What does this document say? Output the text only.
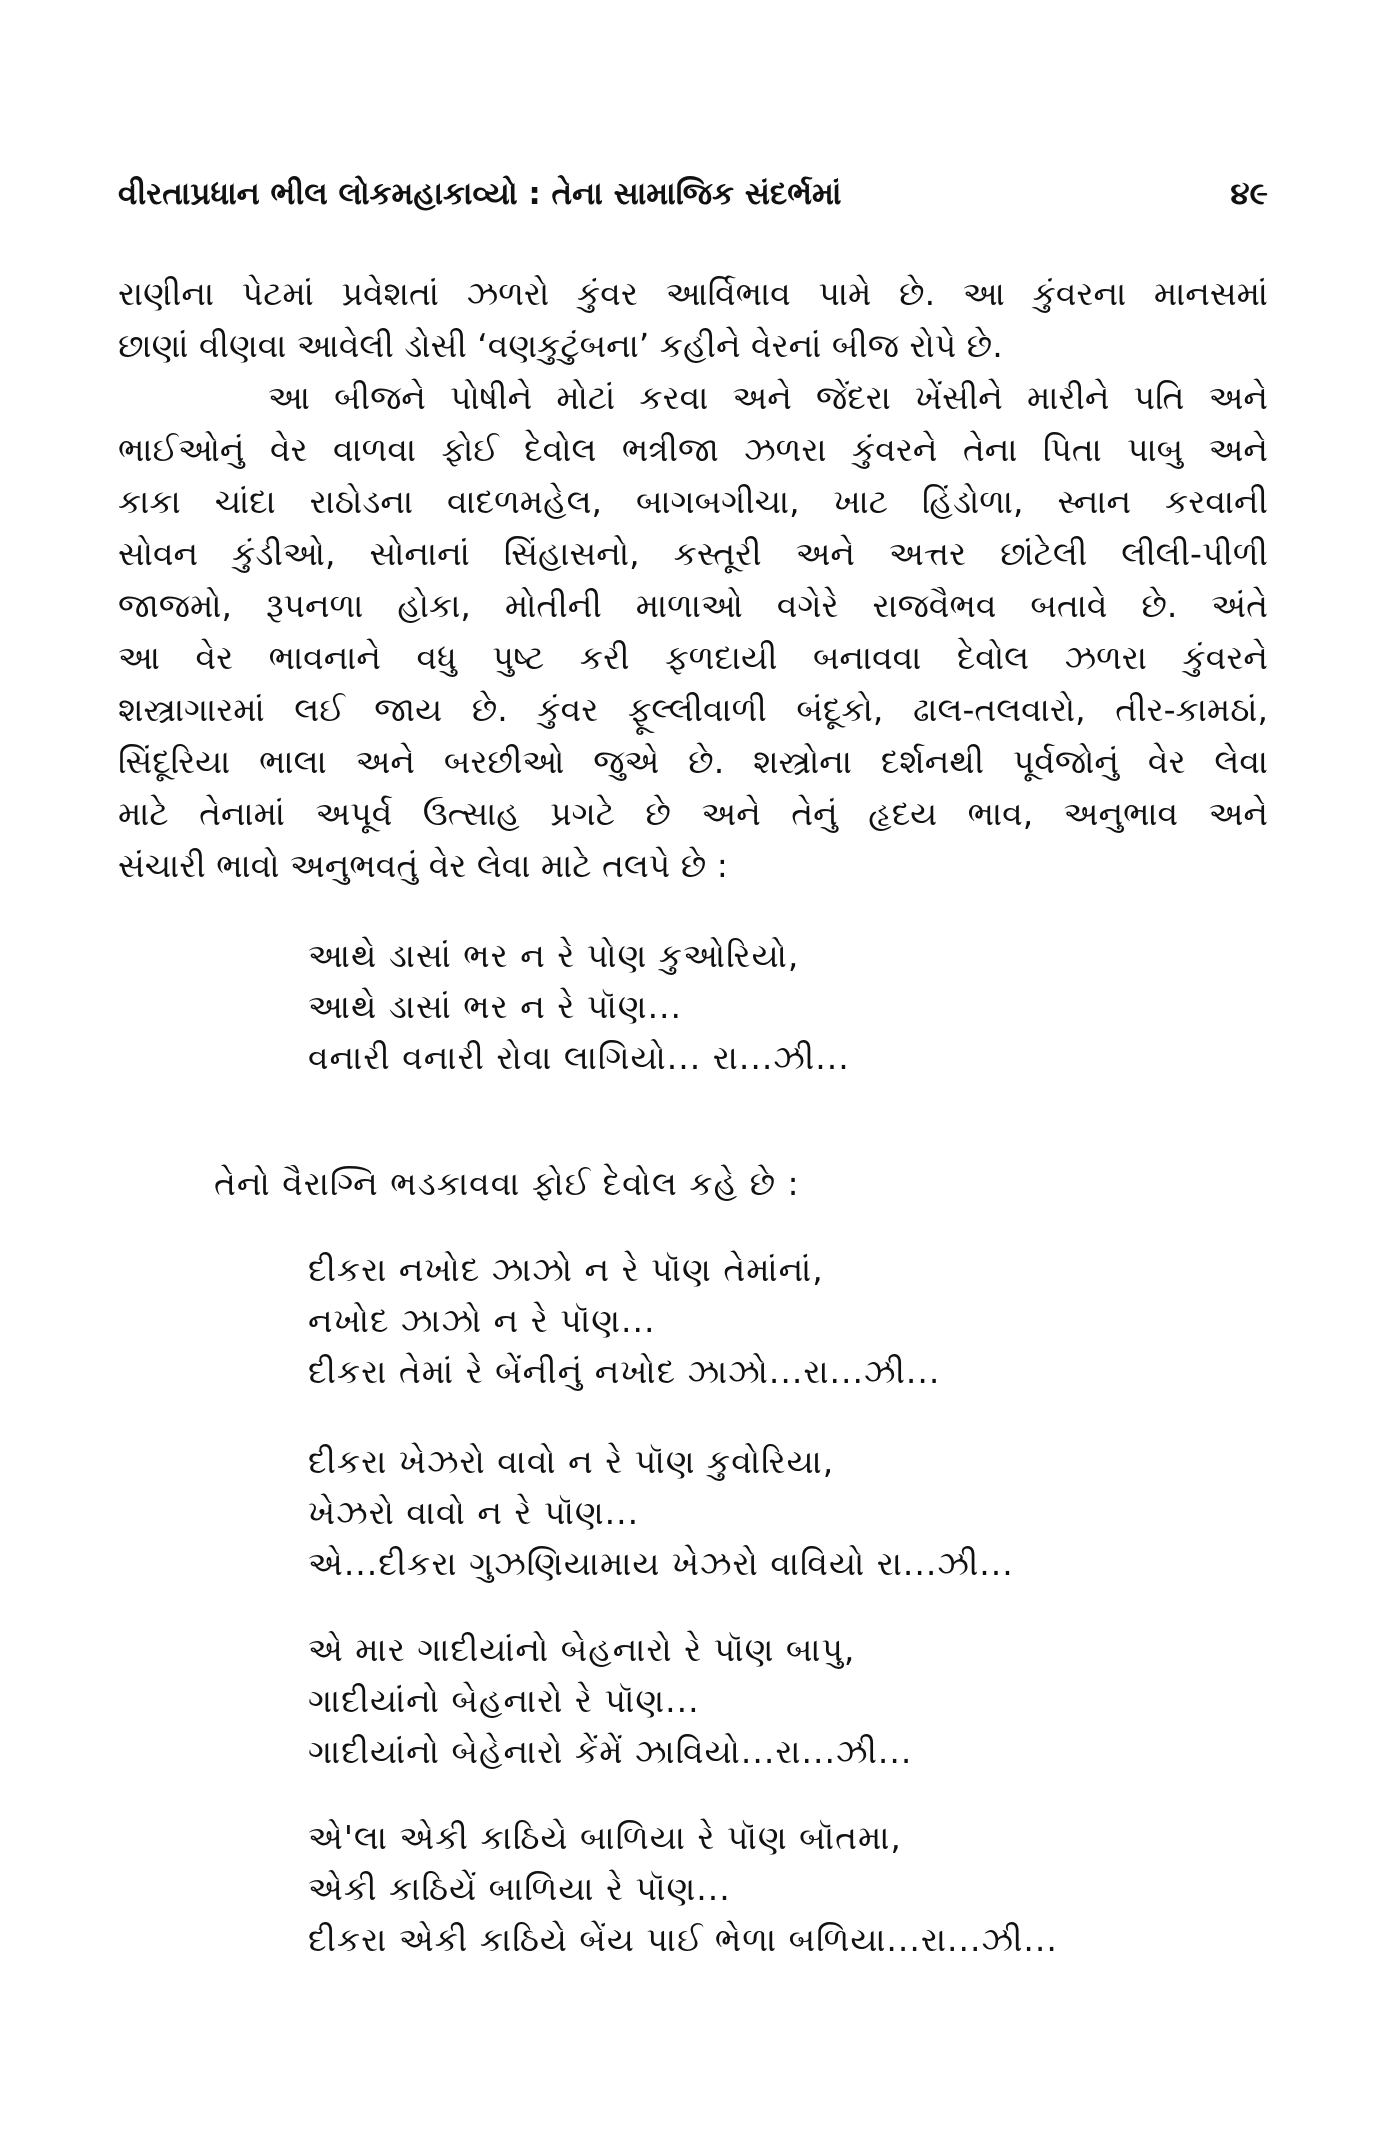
વીરતાપ્રધાન ભીલ લોકમહાકાવ્યો : તેના સામાજિક સંદર્ભમાં	૪૯
રાણીના પેટમાં પ્રવેશતાં ઝળરો કુંવર આર્વિભાવ પામે છે. આ કુંવરના માનસમાં
છાણાં વીણવા આવેલી ડોસી ‘વણકુટુંબના’ કહીને વેરનાં બીજ રોપે છે.
આ બીજને પોષીને મોટાં કરવા અને જેંદરા ખેંસીને મારીને પતિ અને
ભાઈઓનું વેર વાળવા ફોઈ દેવોલ ભત્રીજા ઝળરા કુંવરને તેના પિતા પાબુ અને
કાકા ચાંદા રાઠોડના વાદળમહેલ, બાગબગીચા, ખાટ હિંડોળા, સ્નાન કરવાની
સોવન કુંડીઓ, સોનાનાં સિંહાસનો, કસ્તૂરી અને અત્તર છાંટેલી લીલી-પીળી
જાજમો, રૂપનળા હોકા, મોતીની માળાઓ વગેરે રાજવૈભવ બતાવે છે. અંતે
આ વેર ભાવનાને વધુ પુષ્ટ કરી ફળદાયી બનાવવા દેવોલ ઝળરા કુંવરને
શસ્ત્રાગારમાં લઈ જાય છે. કુંવર ફૂલ્લીવાળી બંદૂકો, ઢાલ-તલવારો, તીર-કામઠાં,
સિંદૂરિયા ભાલા અને બરછીઓ જુએ છે. શસ્ત્રોના દર્શનથી પૂર્વજોનું વેર લેવા
માટે તેનામાં અપૂર્વ ઉત્સાહ પ્રગટે છે અને તેનું હૃદય ભાવ, અનુભાવ અને
સંચારી ભાવો અનુભવતું વેર લેવા માટે તલપે છે :
આથે ડાસાં ભર ન રે પોણ કુઓરિયો,
આથે ડાસાં ભર ન રે પૉણ...
વનારી વનારી રોવા લાગિયો... રા...ઝી...
તેનો વૈરાગ્નિ ભડકાવવા ફોઈ દેવોલ કહે છે :
દીકરા નખોદ ઝાઝો ન રે પૉણ તેમાંનાં,
નખોદ ઝાઝો ન રે પૉણ...
દીકરા તેમાં રે બેંનીનું નખોદ ઝાઝો...રા...ઝી...
દીકરા ખેઝરો વાવો ન રે પૉણ કુવોરિયા,
ખેઝરો વાવો ન રે પૉણ...
એ...દીકરા ગુઝણિયામાય ખેઝરો વાવિયો રા...ઝી...
એ માર ગાદીયાંનો બેહનારો રે પૉણ બાપુ,
ગાદીયાંનો બેહનારો રે પૉણ...
ગાદીયાંનો બેહેનારો કેંમેં ઝાવિયો...રા...ઝી...
એ'લા એકી કાઠિયે બાળિયા રે પૉણ બૉતમા,
એકી કાઠિયેં બાળિયા રે પૉણ...
દીકરા એકી કાઠિયે બેંય પાઈ ભેળા બળિયા...રા...ઝી...
